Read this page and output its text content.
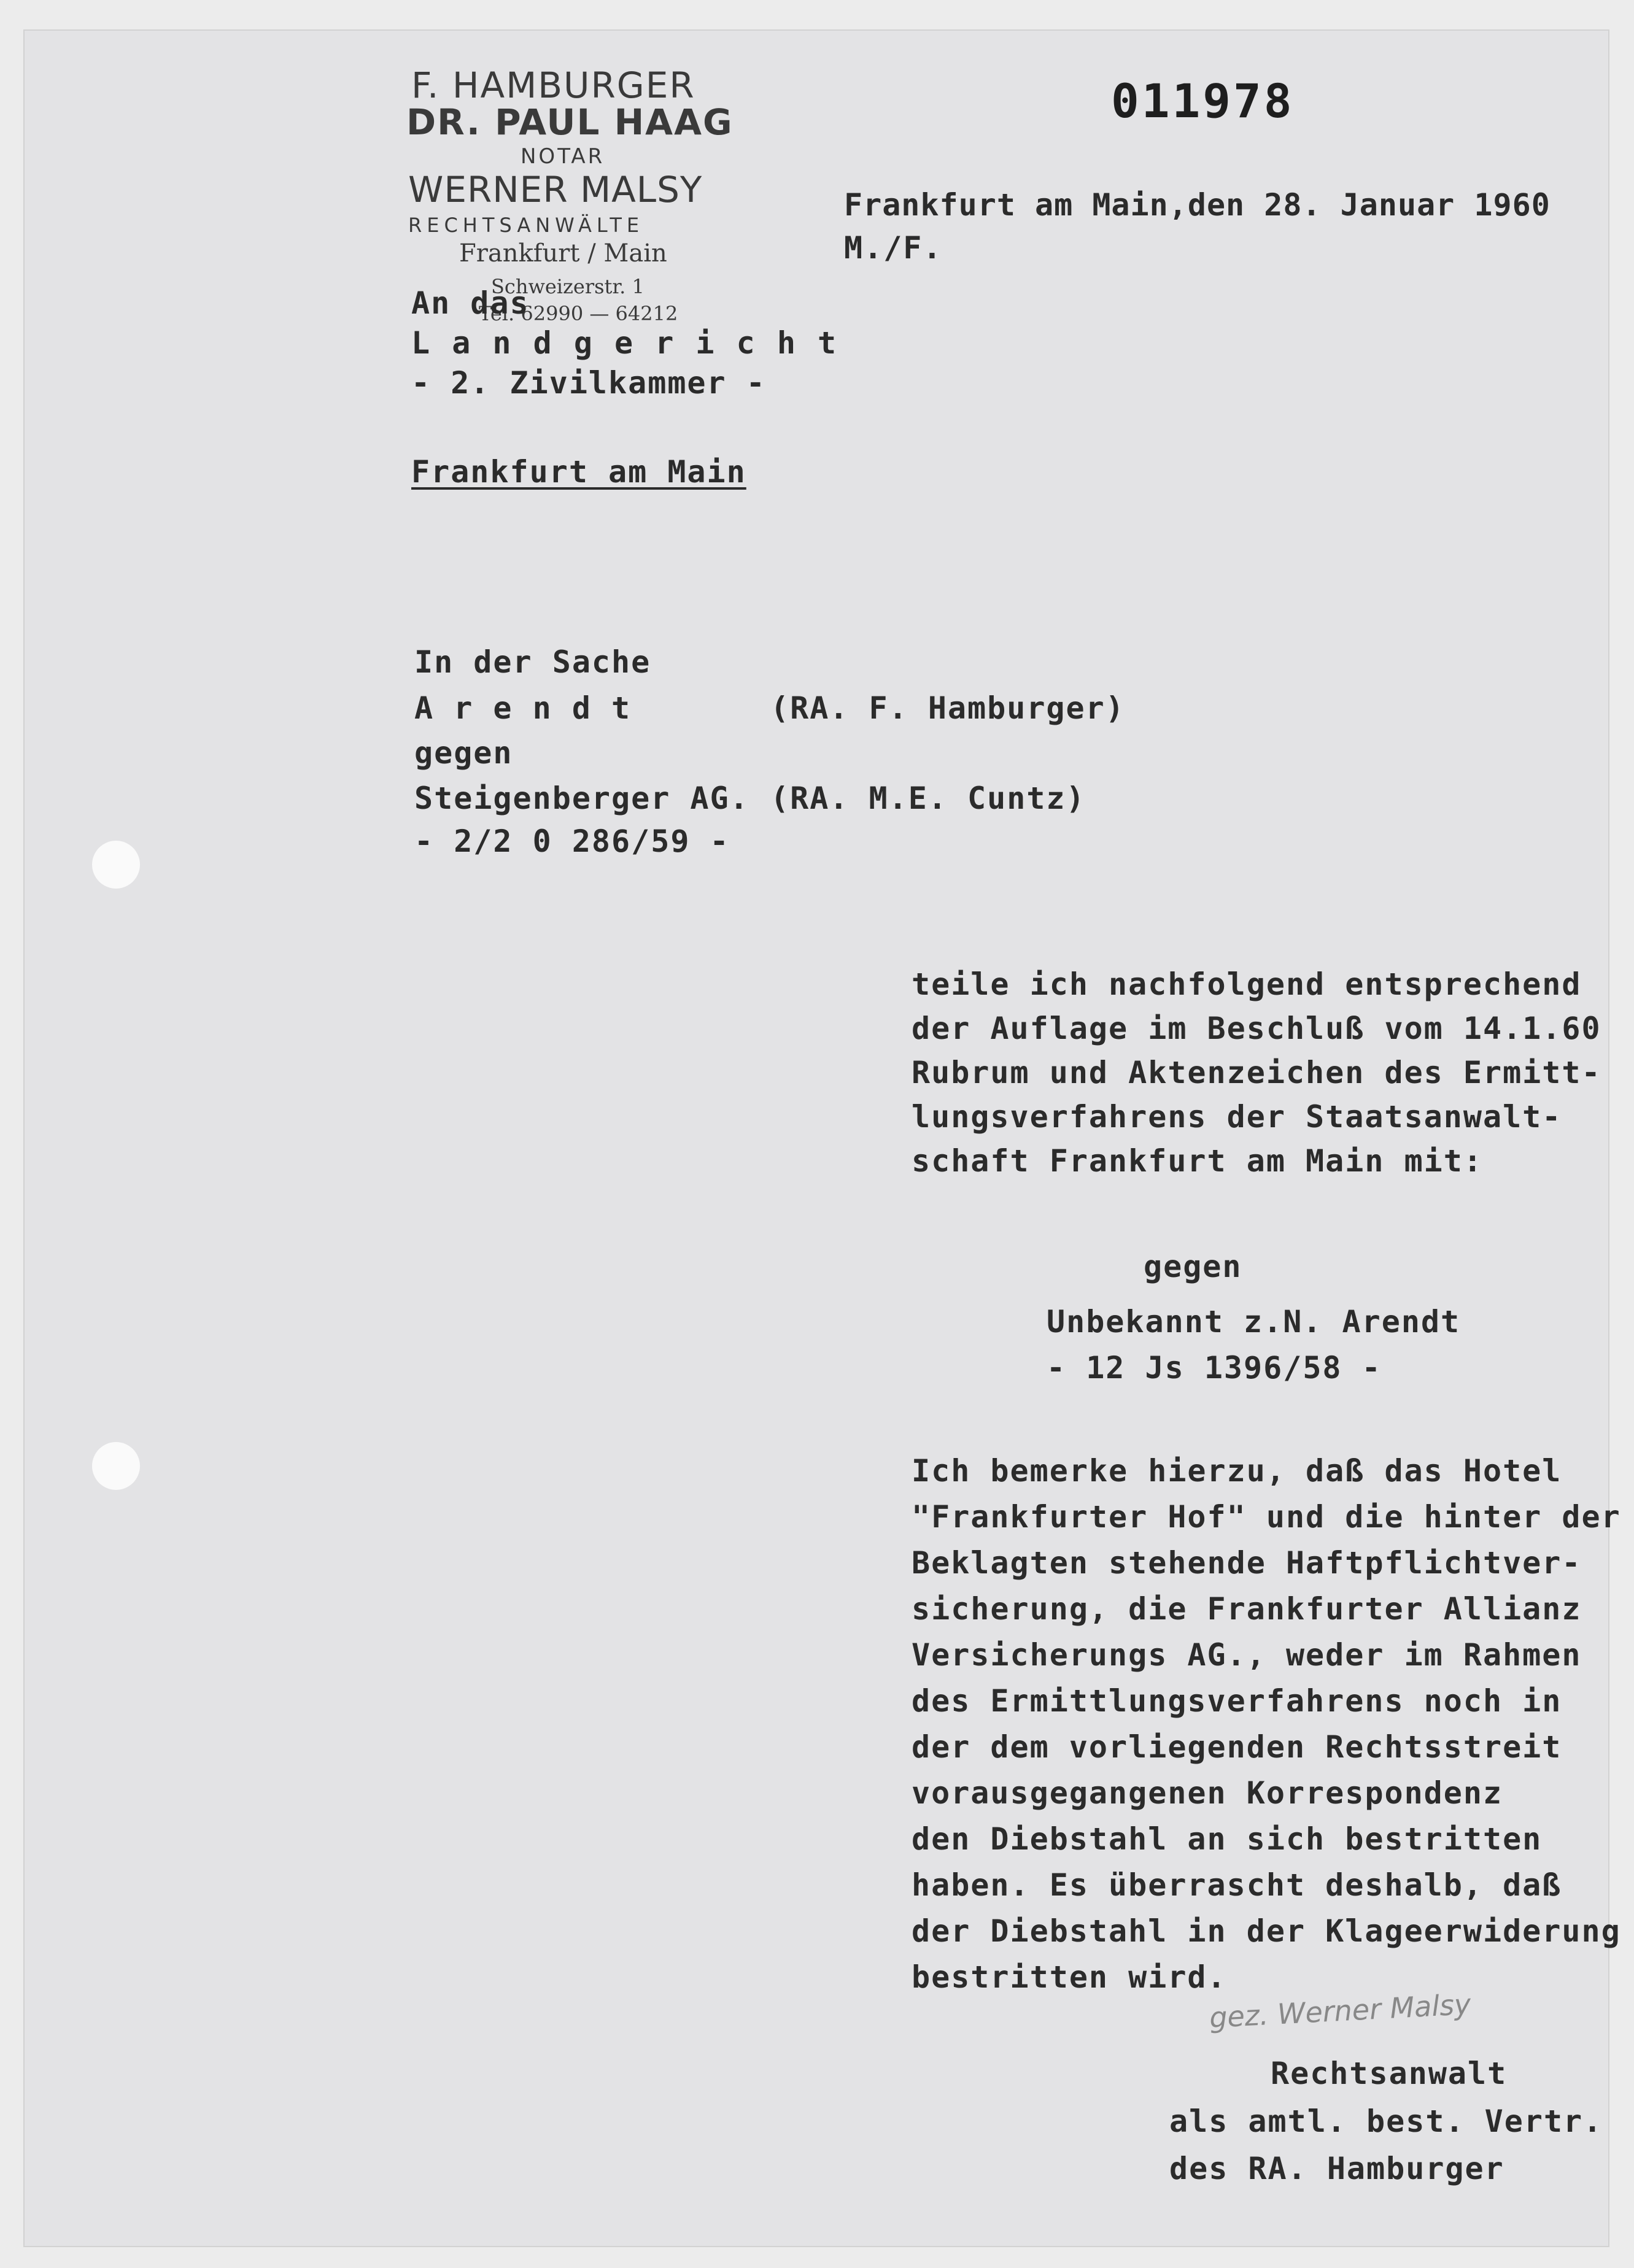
011978
F. HAMBURGER
DR. PAUL HAAG
NOTAR
WERNER MALSY
RECHTSANWÄLTE
Frankfurt / Main
Schweizerstr. 1
Tel. 62990 — 64212
Frankfurt am Main,den 28. Januar 1960
M./F.
An das
L a n d g e r i c h t
- 2. Zivilkammer -
Frankfurt am Main
In der Sache
A r e n d t	(RA. F. Hamburger)
gegen
Steigenberger AG. (RA. M.E. Cuntz)
- 2/2 0 286/59 -
teile ich nachfolgend entsprechend
der Auflage im Beschluß vom 14.1.60
Rubrum und Aktenzeichen des Ermitt-
lungsverfahrens der Staatsanwalt-
schaft Frankfurt am Main mit:
gegen
Unbekannt z.N. Arendt
- 12 Js 1396/58 -
Ich bemerke hierzu, daß das Hotel
"Frankfurter Hof" und die hinter der
Beklagten stehende Haftpflichtver-
sicherung, die Frankfurter Allianz
Versicherungs AG., weder im Rahmen
des Ermittlungsverfahrens noch in
der dem vorliegenden Rechtsstreit
vorausgegangenen Korrespondenz
den Diebstahl an sich bestritten
haben. Es überrascht deshalb, daß
der Diebstahl in der Klageerwiderung
bestritten wird.
gez. Werner Malsy
Rechtsanwalt
als amtl. best. Vertr.
des RA. Hamburger
